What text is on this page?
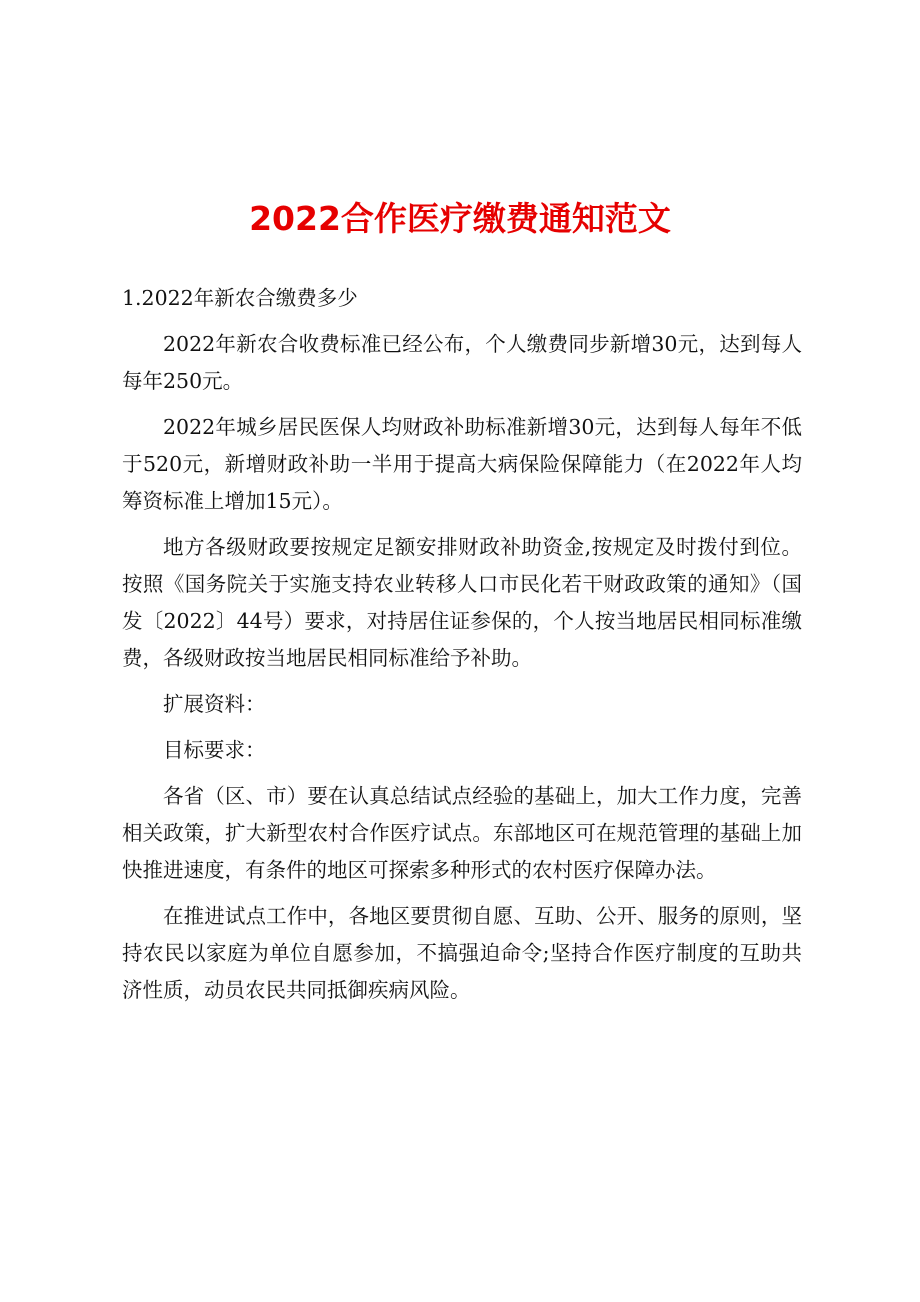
2022合作医疗缴费通知范文

1.2022年新农合缴费多少

2022年新农合收费标准已经公布，个人缴费同步新增30元，达到每人每年250元。

2022年城乡居民医保人均财政补助标准新增30元，达到每人每年不低于520元，新增财政补助一半用于提高大病保险保障能力（在2022年人均筹资标准上增加15元）。

地方各级财政要按规定足额安排财政补助资金,按规定及时拨付到位。按照《国务院关于实施支持农业转移人口市民化若干财政政策的通知》（国发〔2022〕44号）要求，对持居住证参保的，个人按当地居民相同标准缴费，各级财政按当地居民相同标准给予补助。

扩展资料：

目标要求：

各省（区、市）要在认真总结试点经验的基础上，加大工作力度，完善相关政策，扩大新型农村合作医疗试点。东部地区可在规范管理的基础上加快推进速度，有条件的地区可探索多种形式的农村医疗保障办法。

在推进试点工作中，各地区要贯彻自愿、互助、公开、服务的原则，坚持农民以家庭为单位自愿参加，不搞强迫命令;坚持合作医疗制度的互助共济性质，动员农民共同抵御疾病风险。
